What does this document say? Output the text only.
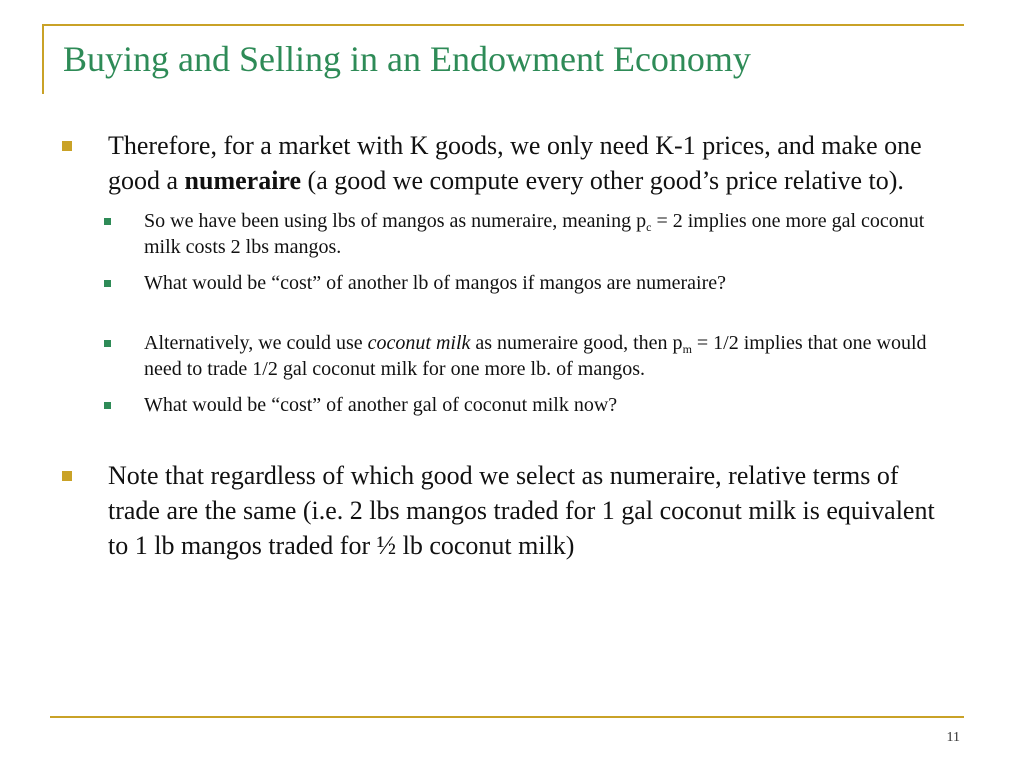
Buying and Selling in an Endowment Economy
Therefore, for a market with K goods, we only need K-1 prices, and make one good a numeraire (a good we compute every other good’s price relative to).
So we have been using lbs of mangos as numeraire, meaning $p_c = 2$ implies one more gal coconut milk costs 2 lbs mangos.
What would be “cost” of another lb of mangos if mangos are numeraire?
Alternatively, we could use coconut milk as numeraire good, then $p_m = 1/2$ implies that one would need to trade 1/2 gal coconut milk for one more lb. of mangos.
What would be “cost” of another gal of coconut milk now?
Note that regardless of which good we select as numeraire, relative terms of trade are the same (i.e. 2 lbs mangos traded for 1 gal coconut milk is equivalent to 1 lb mangos traded for ½ lb coconut milk)
11
